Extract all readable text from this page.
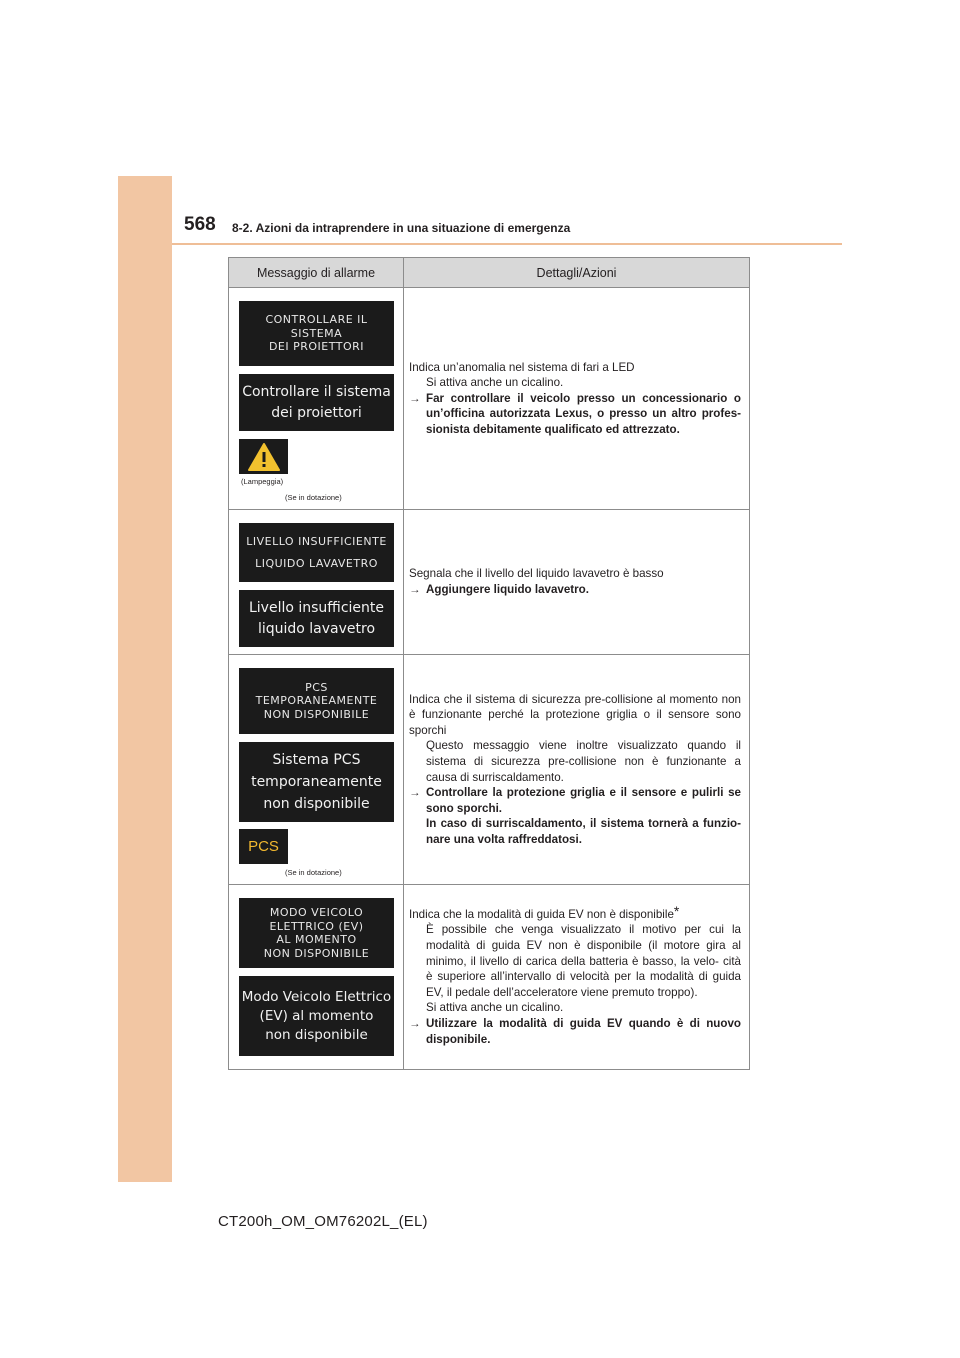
568 8-2. Azioni da intraprendere in una situazione di emergenza
Messaggio di allarme	Dettagli/Azioni
CONTROLLARE IL
SISTEMA
DEI PROIETTORI
Controllare il sistema
dei proiettori
(Lampeggia)
(Se in dotazione)
Indica un’anomalia nel sistema di fari a LED
Si attiva anche un cicalino.
→ Far controllare il veicolo presso un concessionario o un’officina autorizzata Lexus, o presso un altro profes- sionista debitamente qualificato ed attrezzato.
LIVELLO INSUFFICIENTE
LIQUIDO LAVAVETRO
Livello insufficiente
liquido lavavetro
Segnala che il livello del liquido lavavetro è basso
→ Aggiungere liquido lavavetro.
PCS
TEMPORANEAMENTE
NON DISPONIBILE
Sistema PCS
temporaneamente
non disponibile
PCS
(Se in dotazione)
Indica che il sistema di sicurezza pre-collisione al momento non è funzionante perché la protezione griglia o il sensore sono sporchi
Questo messaggio viene inoltre visualizzato quando il sistema di sicurezza pre-collisione non è funzionante a causa di surriscaldamento.
→ Controllare la protezione griglia e il sensore e pulirli se sono sporchi.
In caso di surriscaldamento, il sistema tornerà a funzio- nare una volta raffreddatosi.
MODO VEICOLO
ELETTRICO (EV)
AL MOMENTO
NON DISPONIBILE
Modo Veicolo Elettrico
(EV) al momento
non disponibile
Indica che la modalità di guida EV non è disponibile*
È possibile che venga visualizzato il motivo per cui la modalità di guida EV non è disponibile (il motore gira al minimo, il livello di carica della batteria è basso, la velo- cità è superiore all’intervallo di velocità per la modalità di guida EV, il pedale dell’acceleratore viene premuto troppo).
Si attiva anche un cicalino.
→ Utilizzare la modalità di guida EV quando è di nuovo disponibile.
CT200h_OM_OM76202L_(EL)
